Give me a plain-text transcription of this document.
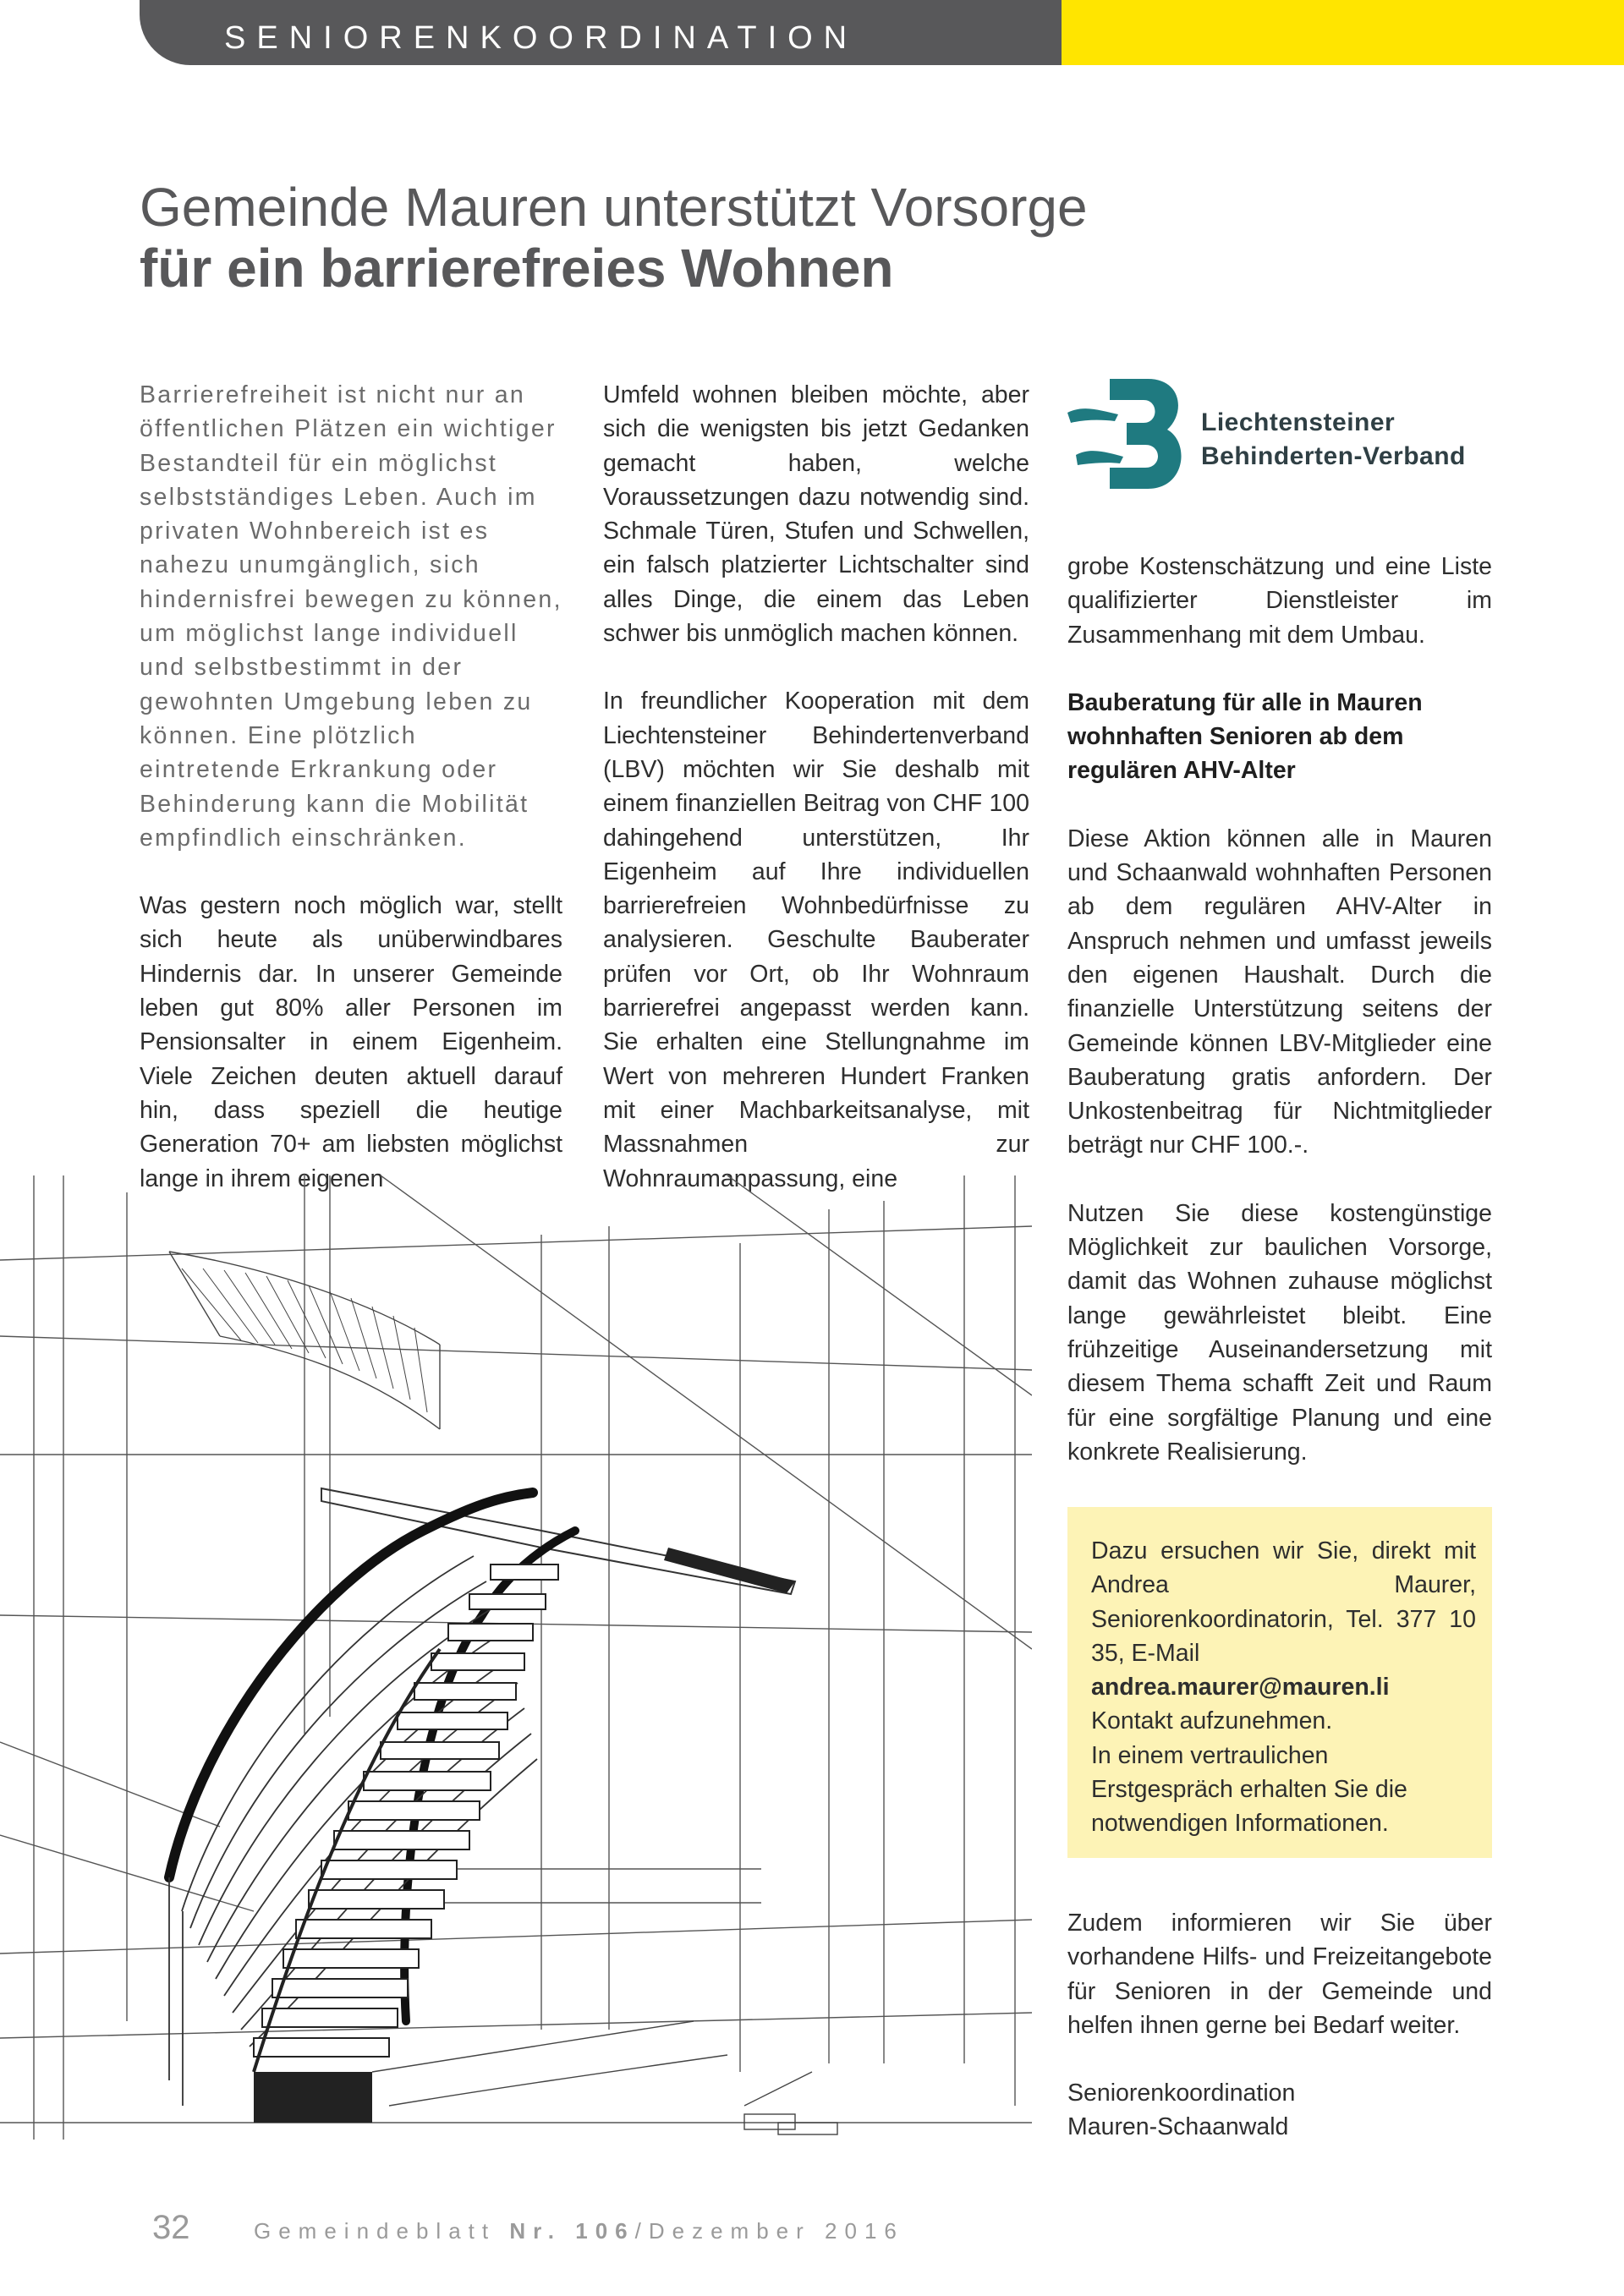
SENIORENKOORDINATION
Gemeinde Mauren unterstützt Vorsorge
für ein barrierefreies Wohnen

Barrierefreiheit ist nicht nur an öffentlichen Plätzen ein wichtiger Bestandteil für ein möglichst selbstständiges Leben. Auch im privaten Wohnbereich ist es nahezu unumgänglich, sich hindernisfrei bewegen zu können, um möglichst lange individuell und selbstbestimmt in der gewohnten Umgebung leben zu können. Eine plötzlich eintretende Erkrankung oder Behinderung kann die Mobilität empfindlich einschränken.

Was gestern noch möglich war, stellt sich heute als unüberwindbares Hindernis dar. In unserer Gemeinde leben gut 80% aller Personen im Pensionsalter in einem Eigenheim. Viele Zeichen deuten aktuell darauf hin, dass speziell die heutige Generation 70+ am liebsten möglichst lange in ihrem eigenen

Umfeld wohnen bleiben möchte, aber sich die wenigsten bis jetzt Gedanken gemacht haben, welche Voraussetzungen dazu notwendig sind. Schmale Türen, Stufen und Schwellen, ein falsch platzierter Lichtschalter sind alles Dinge, die einem das Leben schwer bis unmöglich machen können.

In freundlicher Kooperation mit dem Liechtensteiner Behindertenverband (LBV) möchten wir Sie deshalb mit einem finanziellen Beitrag von CHF 100 dahingehend unterstützen, Ihr Eigenheim auf Ihre individuellen barrierefreien Wohnbedürfnisse zu analysieren. Geschulte Bauberater prüfen vor Ort, ob Ihr Wohnraum barrierefrei angepasst werden kann. Sie erhalten eine Stellungnahme im Wert von mehreren Hundert Franken mit einer Machbarkeitsanalyse, mit Massnahmen zur Wohnraumanpassung, eine

Liechtensteiner
Behinderten-Verband

grobe Kostenschätzung und eine Liste qualifizierter Dienstleister im Zusammenhang mit dem Umbau.

Bauberatung für alle in Mauren wohnhaften Senioren ab dem regulären AHV-Alter

Diese Aktion können alle in Mauren und Schaanwald wohnhaften Personen ab dem regulären AHV-Alter in Anspruch nehmen und umfasst jeweils den eigenen Haushalt. Durch die finanzielle Unterstützung seitens der Gemeinde können LBV-Mitglieder eine Bauberatung gratis anfordern. Der Unkostenbeitrag für Nichtmitglieder beträgt nur CHF 100.-.

Nutzen Sie diese kostengünstige Möglichkeit zur baulichen Vorsorge, damit das Wohnen zuhause möglichst lange gewährleistet bleibt. Eine frühzeitige Auseinandersetzung mit diesem Thema schafft Zeit und Raum für eine sorgfältige Planung und eine konkrete Realisierung.

Dazu ersuchen wir Sie, direkt mit Andrea Maurer, Seniorenkoordinatorin, Tel. 377 10 35, E-Mail
andrea.maurer@mauren.li
Kontakt aufzunehmen.
In einem vertraulichen Erstgespräch erhalten Sie die notwendigen Informationen.

Zudem informieren wir Sie über vorhandene Hilfs- und Freizeitangebote für Senioren in der Gemeinde und helfen ihnen gerne bei Bedarf weiter.

Seniorenkoordination
Mauren-Schaanwald

32	Gemeindeblatt Nr. 106/Dezember 2016
